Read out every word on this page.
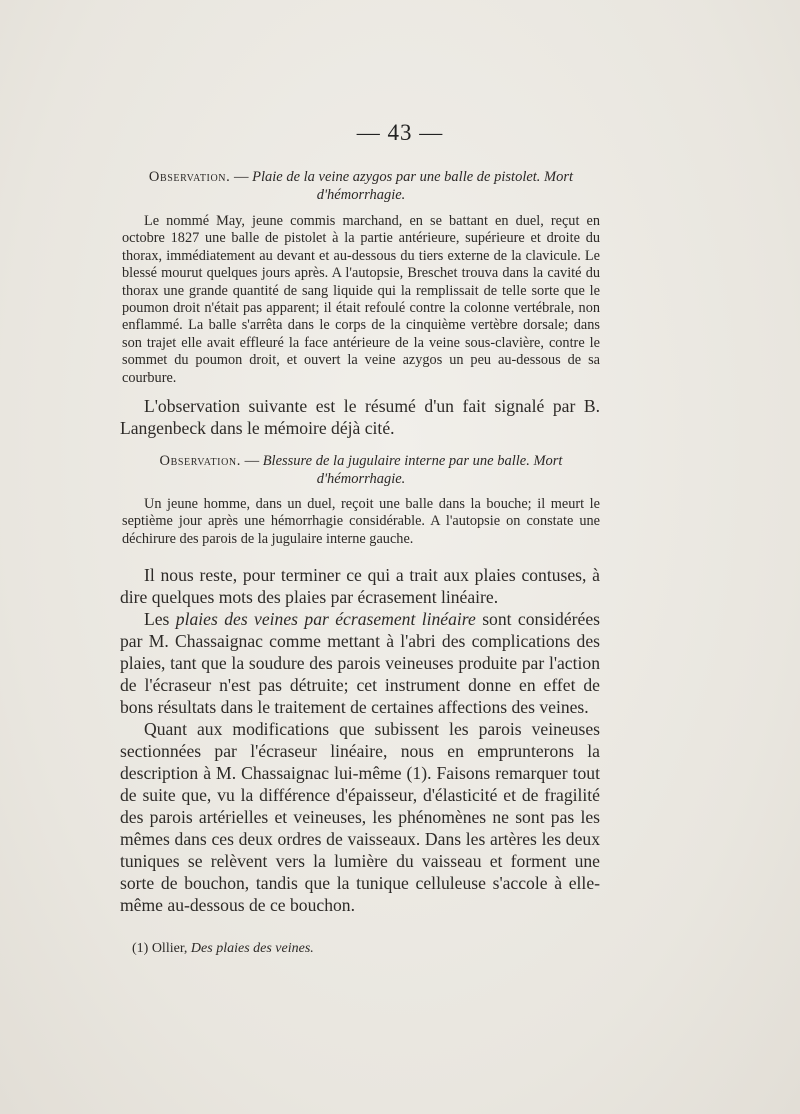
— 43 —
Observation. — Plaie de la veine azygos par une balle de pistolet. Mort
d'hémorrhagie.

Le nommé May, jeune commis marchand, en se battant en duel, reçut en octobre 1827 une balle de pistolet à la partie antérieure, supérieure et droite du thorax, immédiatement au devant et au-dessous du tiers externe de la clavicule. Le blessé mourut quelques jours après. A l'autopsie, Breschet trouva dans la cavité du thorax une grande quantité de sang liquide qui la remplissait de telle sorte que le poumon droit n'était pas apparent; il était refoulé contre la colonne vertébrale, non enflammé. La balle s'arrêta dans le corps de la cinquième vertèbre dorsale; dans son trajet elle avait effleuré la face antérieure de la veine sous-clavière, contre le sommet du poumon droit, et ouvert la veine azygos un peu au-dessous de sa courbure.

L'observation suivante est le résumé d'un fait signalé par B. Langenbeck dans le mémoire déjà cité.

Observation. — Blessure de la jugulaire interne par une balle. Mort
d'hémorrhagie.

Un jeune homme, dans un duel, reçoit une balle dans la bouche; il meurt le septième jour après une hémorrhagie considérable. A l'autopsie on constate une déchirure des parois de la jugulaire interne gauche.

Il nous reste, pour terminer ce qui a trait aux plaies contuses, à dire quelques mots des plaies par écrasement linéaire.

Les plaies des veines par écrasement linéaire sont considérées par M. Chassaignac comme mettant à l'abri des complications des plaies, tant que la soudure des parois veineuses produite par l'action de l'écraseur n'est pas détruite; cet instrument donne en effet de bons résultats dans le traitement de certaines affections des veines.

Quant aux modifications que subissent les parois veineuses sectionnées par l'écraseur linéaire, nous en emprunterons la description à M. Chassaignac lui-même (1). Faisons remarquer tout de suite que, vu la différence d'épaisseur, d'élasticité et de fragilité des parois artérielles et veineuses, les phénomènes ne sont pas les mêmes dans ces deux ordres de vaisseaux. Dans les artères les deux tuniques se relèvent vers la lumière du vaisseau et forment une sorte de bouchon, tandis que la tunique celluleuse s'accole à elle-même au-dessous de ce bouchon.

(1) Ollier, Des plaies des veines.
